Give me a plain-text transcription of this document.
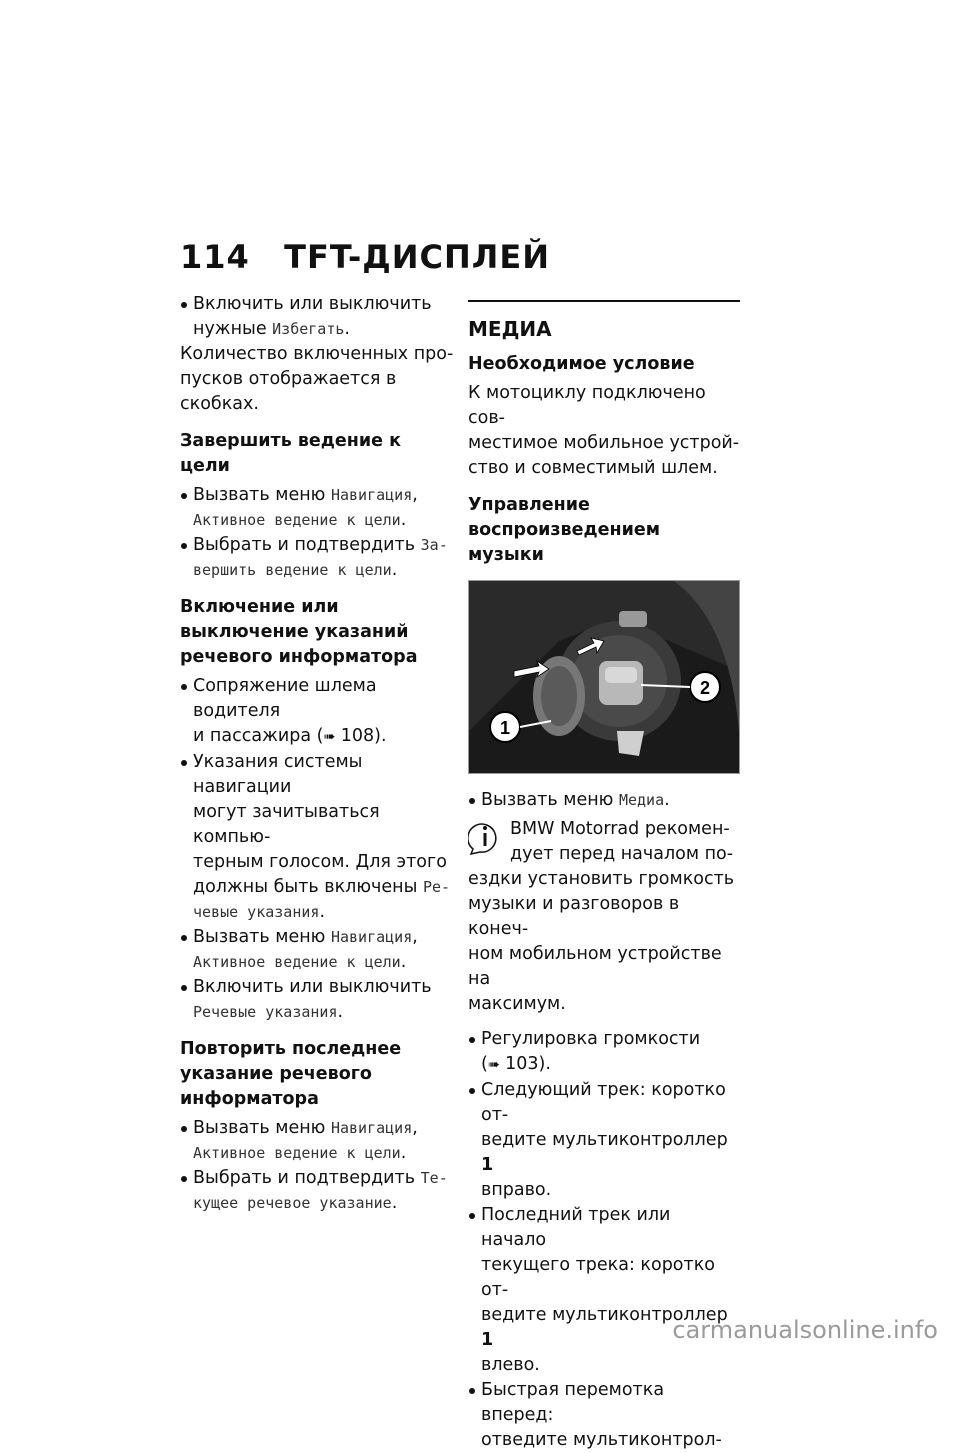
114 TFT-ДИСПЛЕЙ
Включить или выключить
нужные Избегать.

Количество включенных про-
пусков отображается в скобках.

Завершить ведение к цели
Вызвать меню Навигация,
Активное ведение к цели.
Выбрать и подтвердить За-
вершить ведение к цели.
Включение или
выключение указаний
речевого информатора
Сопряжение шлема водителя
и пассажира (➠ 108).
Указания системы навигации
могут зачитываться компью-
терным голосом. Для этого
должны быть включены Ре-
чевые указания.
Вызвать меню Навигация,
Активное ведение к цели.
Включить или выключить
Речевые указания.
Повторить последнее
указание речевого
информатора
Вызвать меню Навигация,
Активное ведение к цели.
Выбрать и подтвердить Те-
кущее речевое указание.
МЕДИА
Необходимое условие

К мотоциклу подключено сов-
местимое мобильное устрой-
ство и совместимый шлем.

Управление
воспроизведением музыки
1
2
Вызвать меню Медиа.
BMW Motorrad рекомен-
дует перед началом по-
ездки установить громкость
музыки и разговоров в конеч-
ном мобильном устройстве на
максимум.
Регулировка громкости
(➠ 103).
Следующий трек: коротко от-
ведите мультиконтроллер 1
вправо.
Последний трек или начало
текущего трека: коротко от-
ведите мультиконтроллер 1
влево.
Быстрая перемотка вперед:
отведите мультиконтрол-
carmanualsonline.info
